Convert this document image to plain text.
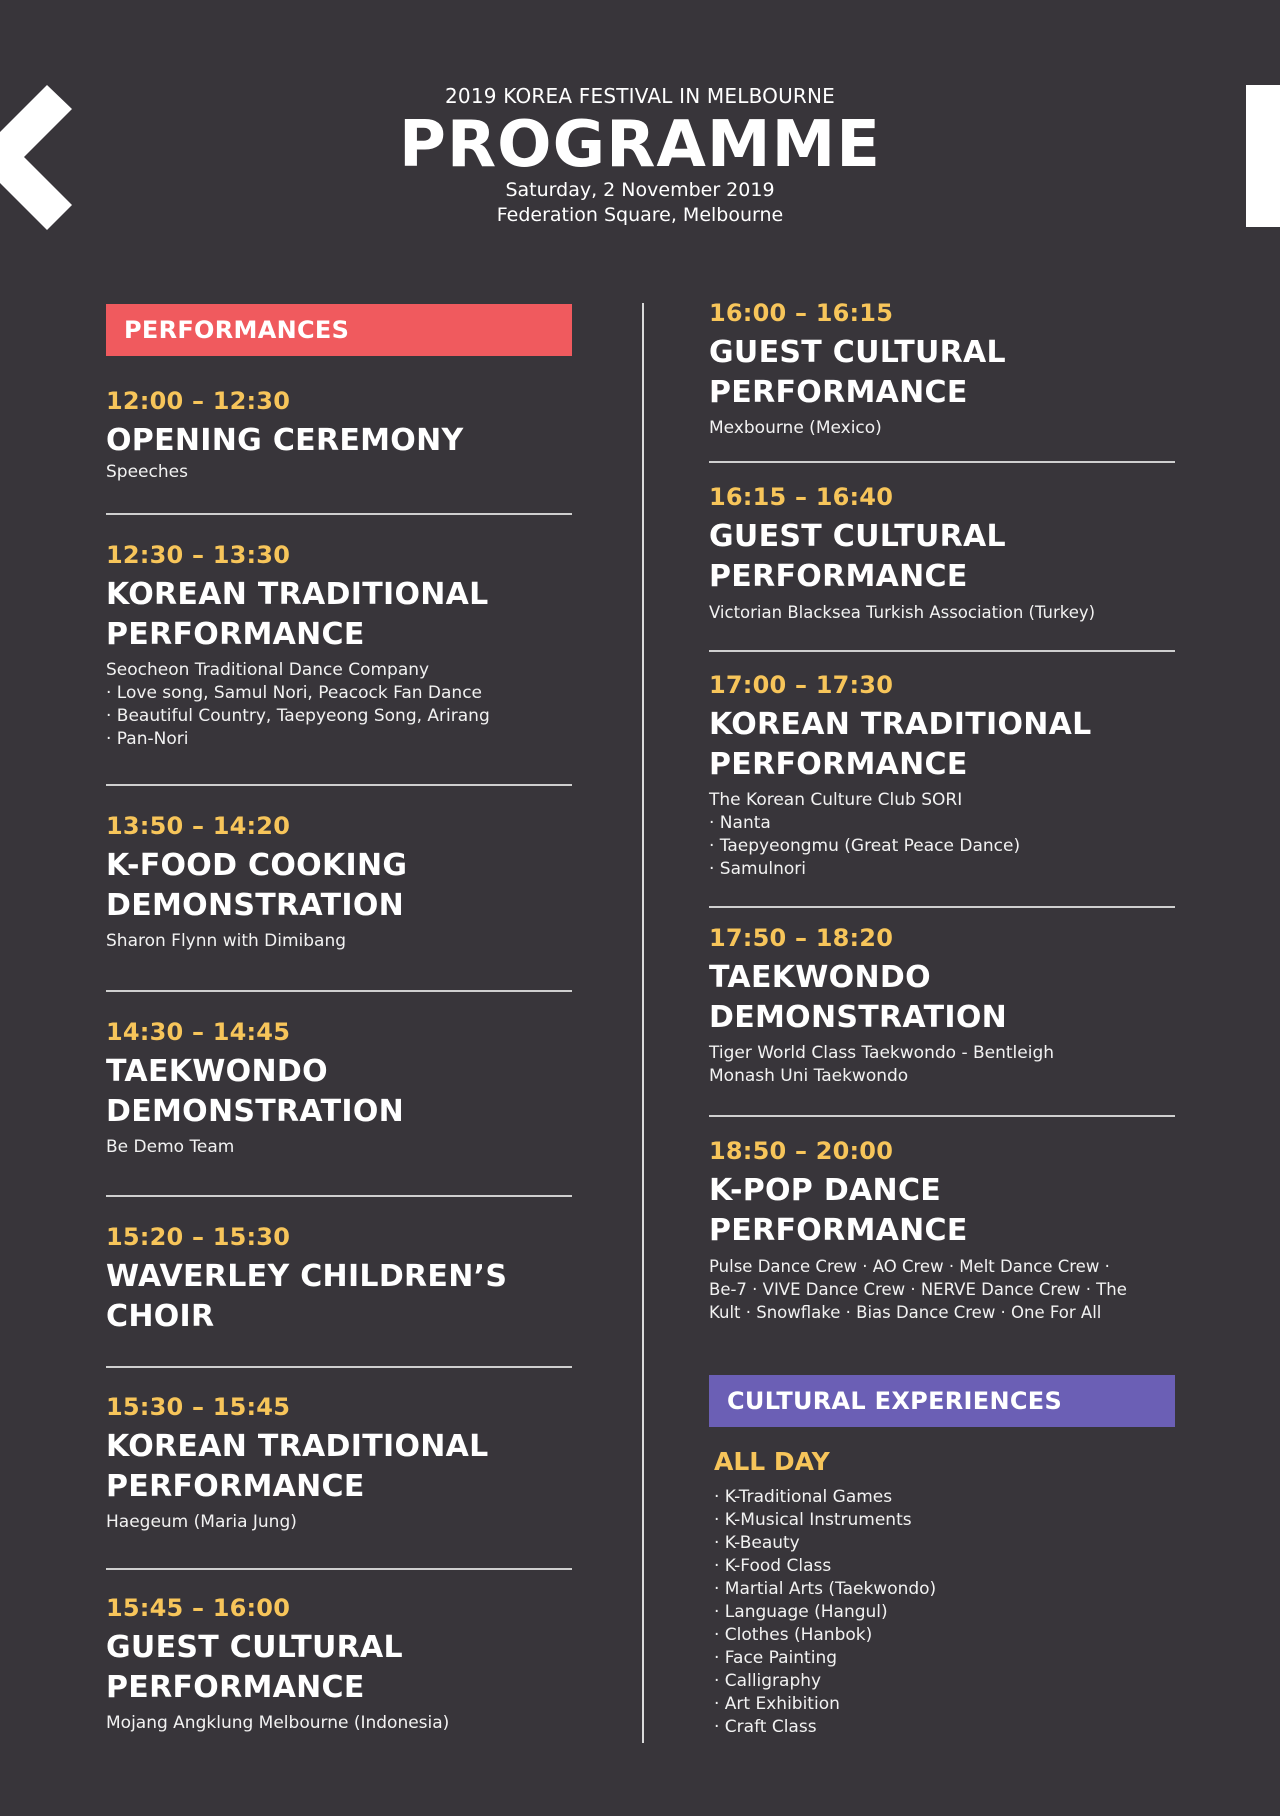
2019 KOREA FESTIVAL IN MELBOURNE
PROGRAMME
Saturday, 2 November 2019
Federation Square, Melbourne
PERFORMANCES
12:00 – 12:30
OPENING CEREMONY
Speeches
12:30 – 13:30
KOREAN TRADITIONAL
PERFORMANCE
Seocheon Traditional Dance Company
· Love song, Samul Nori, Peacock Fan Dance
· Beautiful Country, Taepyeong Song, Arirang
· Pan-Nori
13:50 – 14:20
K-FOOD COOKING
DEMONSTRATION
Sharon Flynn with Dimibang
14:30 – 14:45
TAEKWONDO
DEMONSTRATION
Be Demo Team
15:20 – 15:30
WAVERLEY CHILDREN’S
CHOIR
15:30 – 15:45
KOREAN TRADITIONAL
PERFORMANCE
Haegeum (Maria Jung)
15:45 – 16:00
GUEST CULTURAL
PERFORMANCE
Mojang Angklung Melbourne (Indonesia)
16:00 – 16:15
GUEST CULTURAL
PERFORMANCE
Mexbourne (Mexico)
16:15 – 16:40
GUEST CULTURAL
PERFORMANCE
Victorian Blacksea Turkish Association (Turkey)
17:00 – 17:30
KOREAN TRADITIONAL
PERFORMANCE
The Korean Culture Club SORI
· Nanta
· Taepyeongmu (Great Peace Dance)
· Samulnori
17:50 – 18:20
TAEKWONDO
DEMONSTRATION
Tiger World Class Taekwondo - Bentleigh
Monash Uni Taekwondo
18:50 – 20:00
K-POP DANCE
PERFORMANCE
Pulse Dance Crew · AO Crew · Melt Dance Crew ·
Be-7 · VIVE Dance Crew · NERVE Dance Crew · The
Kult · Snowflake · Bias Dance Crew · One For All
CULTURAL EXPERIENCES
ALL DAY
· K-Traditional Games
· K-Musical Instruments
· K-Beauty
· K-Food Class
· Martial Arts (Taekwondo)
· Language (Hangul)
· Clothes (Hanbok)
· Face Painting
· Calligraphy
· Art Exhibition
· Craft Class
